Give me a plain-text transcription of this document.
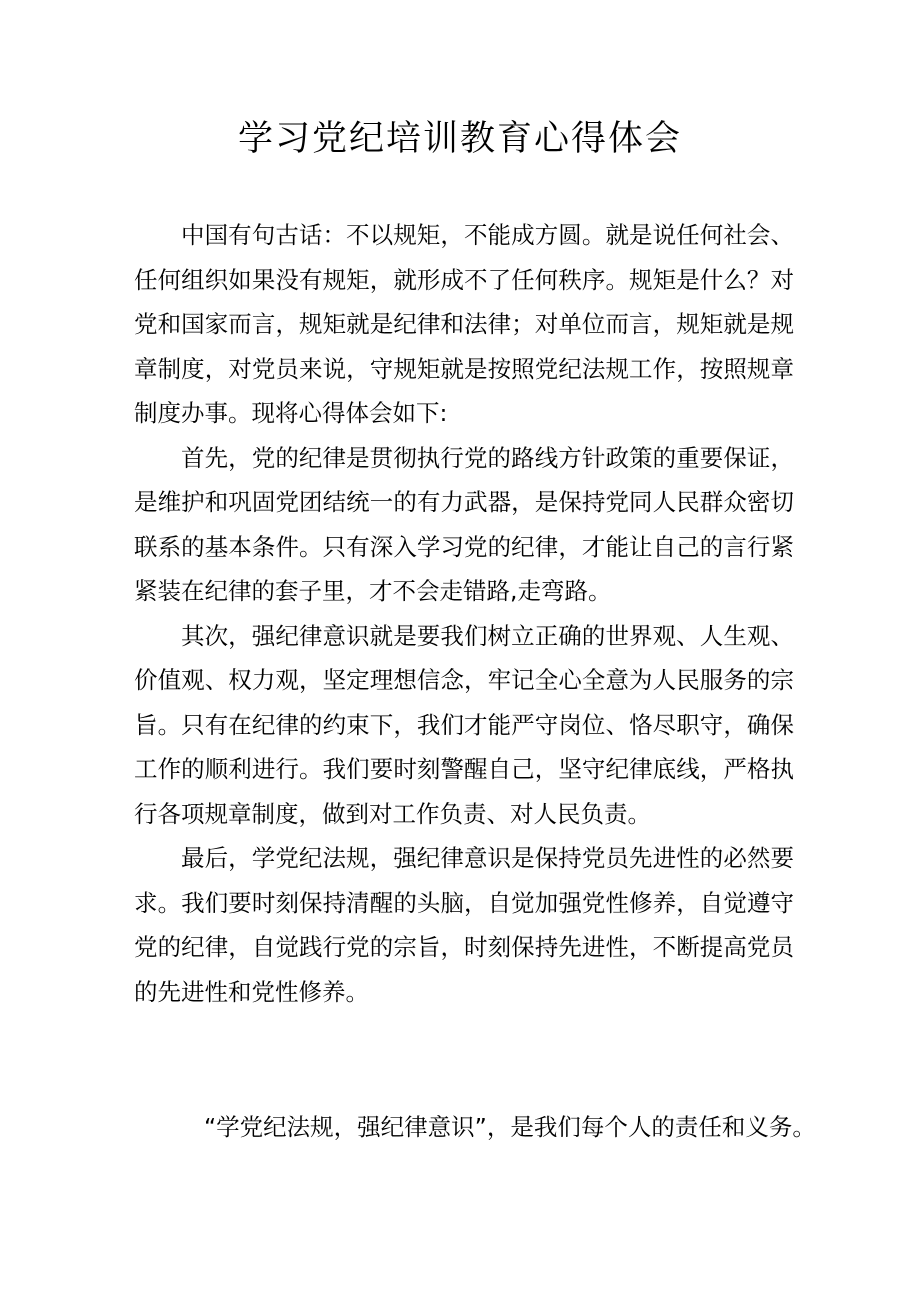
学习党纪培训教育心得体会

中国有句古话：不以规矩，不能成方圆。就是说任何社会、任何组织如果没有规矩，就形成不了任何秩序。规矩是什么？对党和国家而言，规矩就是纪律和法律；对单位而言，规矩就是规章制度，对党员来说，守规矩就是按照党纪法规工作，按照规章制度办事。现将心得体会如下:

首先，党的纪律是贯彻执行党的路线方针政策的重要保证，是维护和巩固党团结统一的有力武器，是保持党同人民群众密切联系的基本条件。只有深入学习党的纪律，才能让自己的言行紧紧装在纪律的套子里，才不会走错路,走弯路。

其次，强纪律意识就是要我们树立正确的世界观、人生观、价值观、权力观，坚定理想信念，牢记全心全意为人民服务的宗旨。只有在纪律的约束下，我们才能严守岗位、恪尽职守，确保工作的顺利进行。我们要时刻警醒自己，坚守纪律底线，严格执行各项规章制度，做到对工作负责、对人民负责。

最后，学党纪法规，强纪律意识是保持党员先进性的必然要求。我们要时刻保持清醒的头脑，自觉加强党性修养，自觉遵守党的纪律，自觉践行党的宗旨，时刻保持先进性，不断提高党员的先进性和党性修养。

“学党纪法规，强纪律意识”，是我们每个人的责任和义务。
